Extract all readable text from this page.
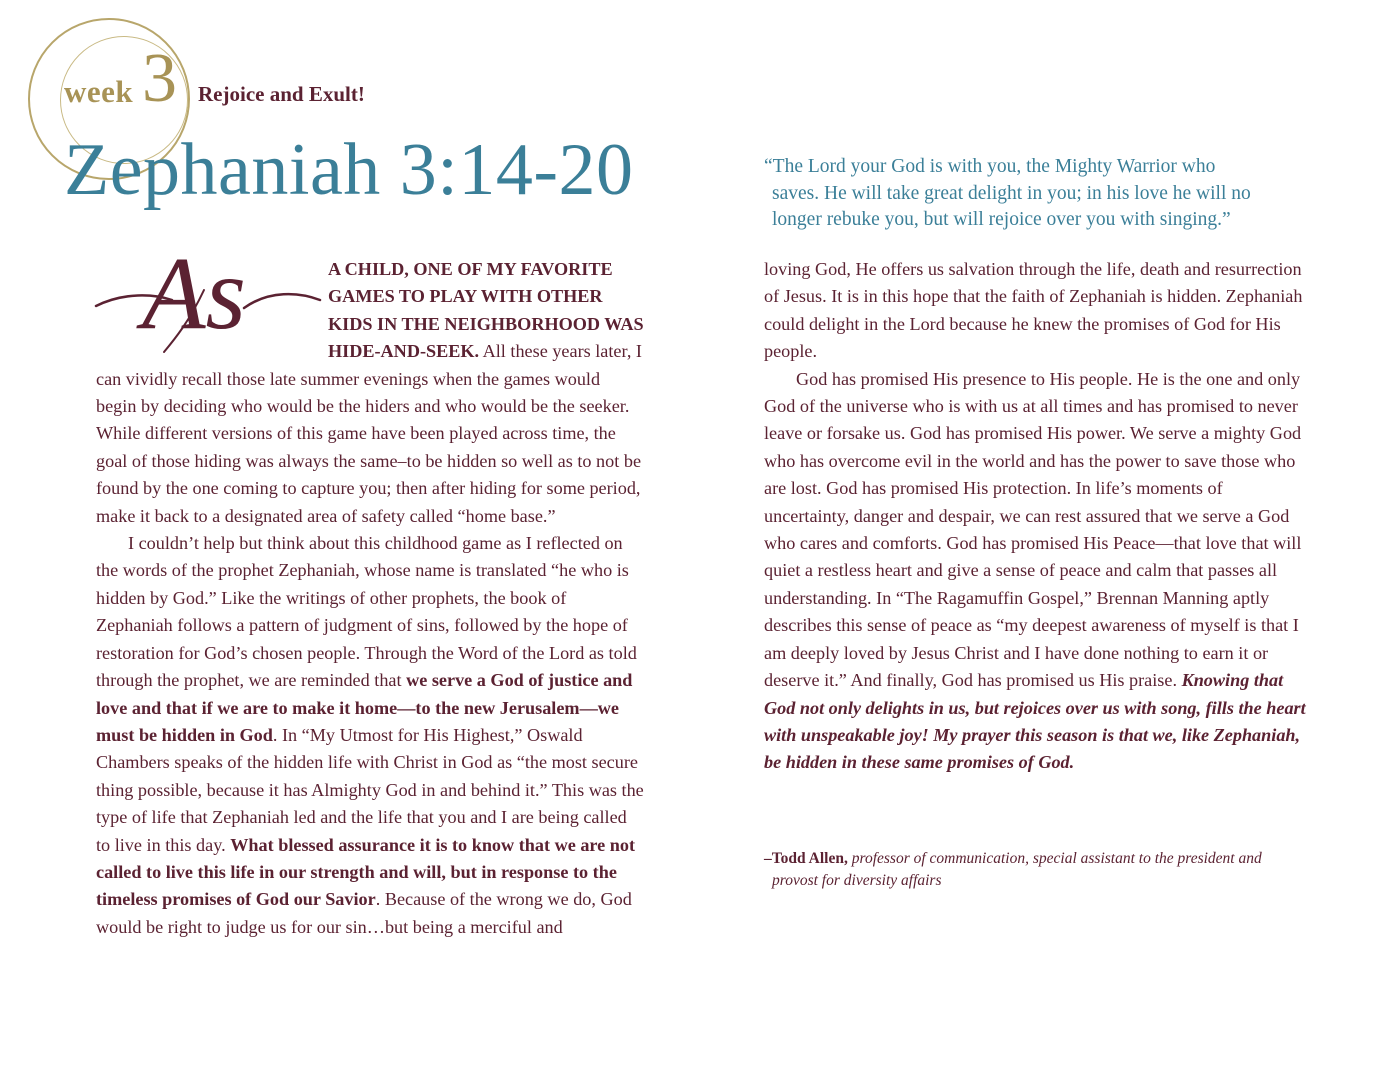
week 3 Rejoice and Exult!
Zephaniah 3:14-20	“The Lord your God is with you, the Mighty Warrior who
saves. He will take great delight in you; in his love he will no
longer rebuke you, but will rejoice over you with singing.”

As	A CHILD, ONE OF MY FAVORITE GAMES TO PLAY WITH OTHER KIDS IN THE NEIGHBORHOOD WAS HIDE-AND-SEEK. All these years later, I can vividly recall those late summer evenings when the games would begin by deciding who would be the hiders and who would be the seeker. While different versions of this game have been played across time, the goal of those hiding was always the same–to be hidden so well as to not be found by the one coming to capture you; then after hiding for some period, make it back to a designated area of safety called “home base.”

I couldn’t help but think about this childhood game as I reflected on the words of the prophet Zephaniah, whose name is translated “he who is hidden by God.” Like the writings of other prophets, the book of Zephaniah follows a pattern of judgment of sins, followed by the hope of restoration for God’s chosen people. Through the Word of the Lord as told through the prophet, we are reminded that we serve a God of justice and love and that if we are to make it home—to the new Jerusalem—we must be hidden in God. In “My Utmost for His Highest,” Oswald Chambers speaks of the hidden life with Christ in God as “the most secure thing possible, because it has Almighty God in and behind it.” This was the type of life that Zephaniah led and the life that you and I are being called to live in this day. What blessed assurance it is to know that we are not called to live this life in our strength and will, but in response to the timeless promises of God our Savior. Because of the wrong we do, God would be right to judge us for our sin…but being a merciful and

loving God, He offers us salvation through the life, death and resurrection of Jesus. It is in this hope that the faith of Zephaniah is hidden. Zephaniah could delight in the Lord because he knew the promises of God for His people.

God has promised His presence to His people. He is the one and only God of the universe who is with us at all times and has promised to never leave or forsake us. God has promised His power. We serve a mighty God who has overcome evil in the world and has the power to save those who are lost. God has promised His protection. In life’s moments of uncertainty, danger and despair, we can rest assured that we serve a God who cares and comforts. God has promised His Peace—that love that will quiet a restless heart and give a sense of peace and calm that passes all understanding. In “The Ragamuffin Gospel,” Brennan Manning aptly describes this sense of peace as “my deepest awareness of myself is that I am deeply loved by Jesus Christ and I have done nothing to earn it or deserve it.” And finally, God has promised us His praise. Knowing that God not only delights in us, but rejoices over us with song, fills the heart with unspeakable joy! My prayer this season is that we, like Zephaniah, be hidden in these same promises of God.

–Todd Allen, professor of communication, special assistant to the president and
provost for diversity affairs
